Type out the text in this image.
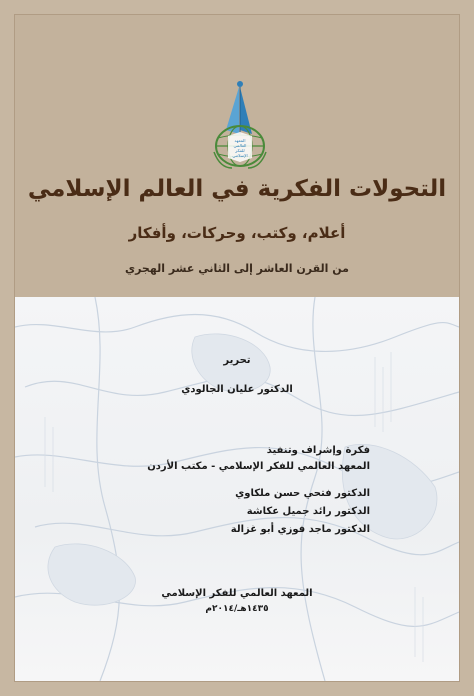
المعهد
العالمي
للفكر
الإسلامي
التحولات الفكرية في العالم الإسلامي
أعلام، وكتب، وحركات، وأفكار
من القرن العاشر إلى الثاني عشر الهجري
تحرير
الدكتور عليان الجالودي
فكرة وإشراف وتنفيذ
المعهد العالمي للفكر الإسلامي - مكتب الأردن
الدكتور فتحي حسن ملكاوي
الدكتور رائد جميل عكاشة
الدكتور ماجد فوزي أبو غزالة
المعهد العالمي للفكر الإسلامي
١٤٣٥هـ/٢٠١٤م
